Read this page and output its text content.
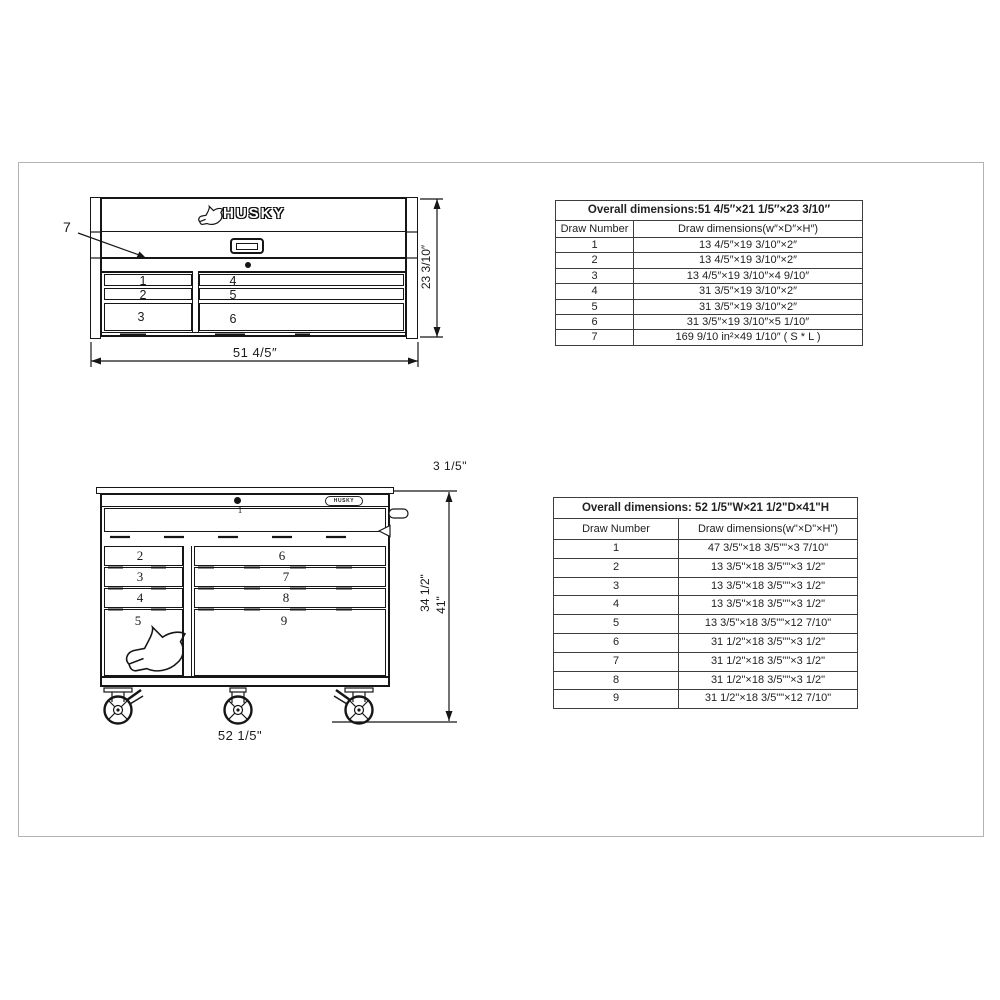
HUSKY
1
2
3
4
5
6
7
51 4/5″
23 3/10″
HUSKY
1
2
3
4
5
6
7
8
9
52 1/5"
3 1/5"
34 1/2" 41"
Overall dimensions:51 4/5″×21 1/5″×23 3/10″
Draw Number	Draw dimensions(w″×D″×H″)
1	13 4/5″×19 3/10″×2″
2	13 4/5″×19 3/10″×2″
3	13 4/5″×19 3/10″×4 9/10″
4	31 3/5″×19 3/10″×2″
5	31 3/5″×19 3/10″×2″
6	31 3/5″×19 3/10″×5 1/10″
7	169 9/10 in²×49 1/10″ ( S * L )
Overall dimensions: 52 1/5"W×21 1/2"D×41"H
Draw Number	Draw dimensions(w"×D"×H")
1	47 3/5"×18 3/5""×3 7/10"
2	13 3/5"×18 3/5""×3 1/2"
3	13 3/5"×18 3/5""×3 1/2"
4	13 3/5"×18 3/5""×3 1/2"
5	13 3/5"×18 3/5""×12 7/10"
6	31 1/2"×18 3/5""×3 1/2"
7	31 1/2"×18 3/5""×3 1/2"
8	31 1/2"×18 3/5""×3 1/2"
9	31 1/2"×18 3/5""×12 7/10"
